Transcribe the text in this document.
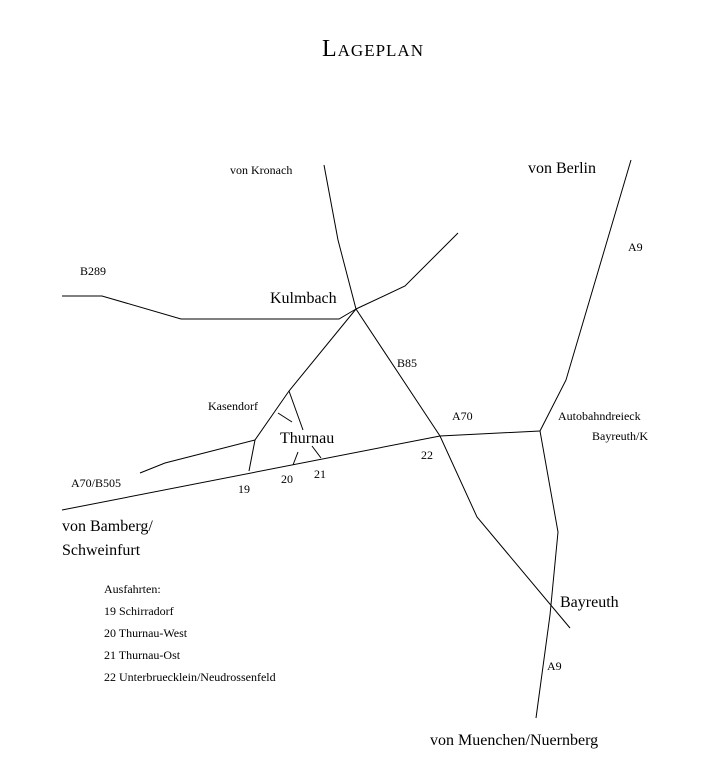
Lageplan
von Kronach	von Berlin
B289
A9
Kulmbach
B85
Kasendorf
A70	Autobahndreieck
Bayreuth/K
Thurnau
22
21
20
A70/B505	19
von Bamberg/
Schweinfurt
Bayreuth
A9
von Muenchen/Nuernberg
Ausfahrten:
19 Schirradorf
20 Thurnau-West
21 Thurnau-Ost
22 Unterbruecklein/Neudrossenfeld
